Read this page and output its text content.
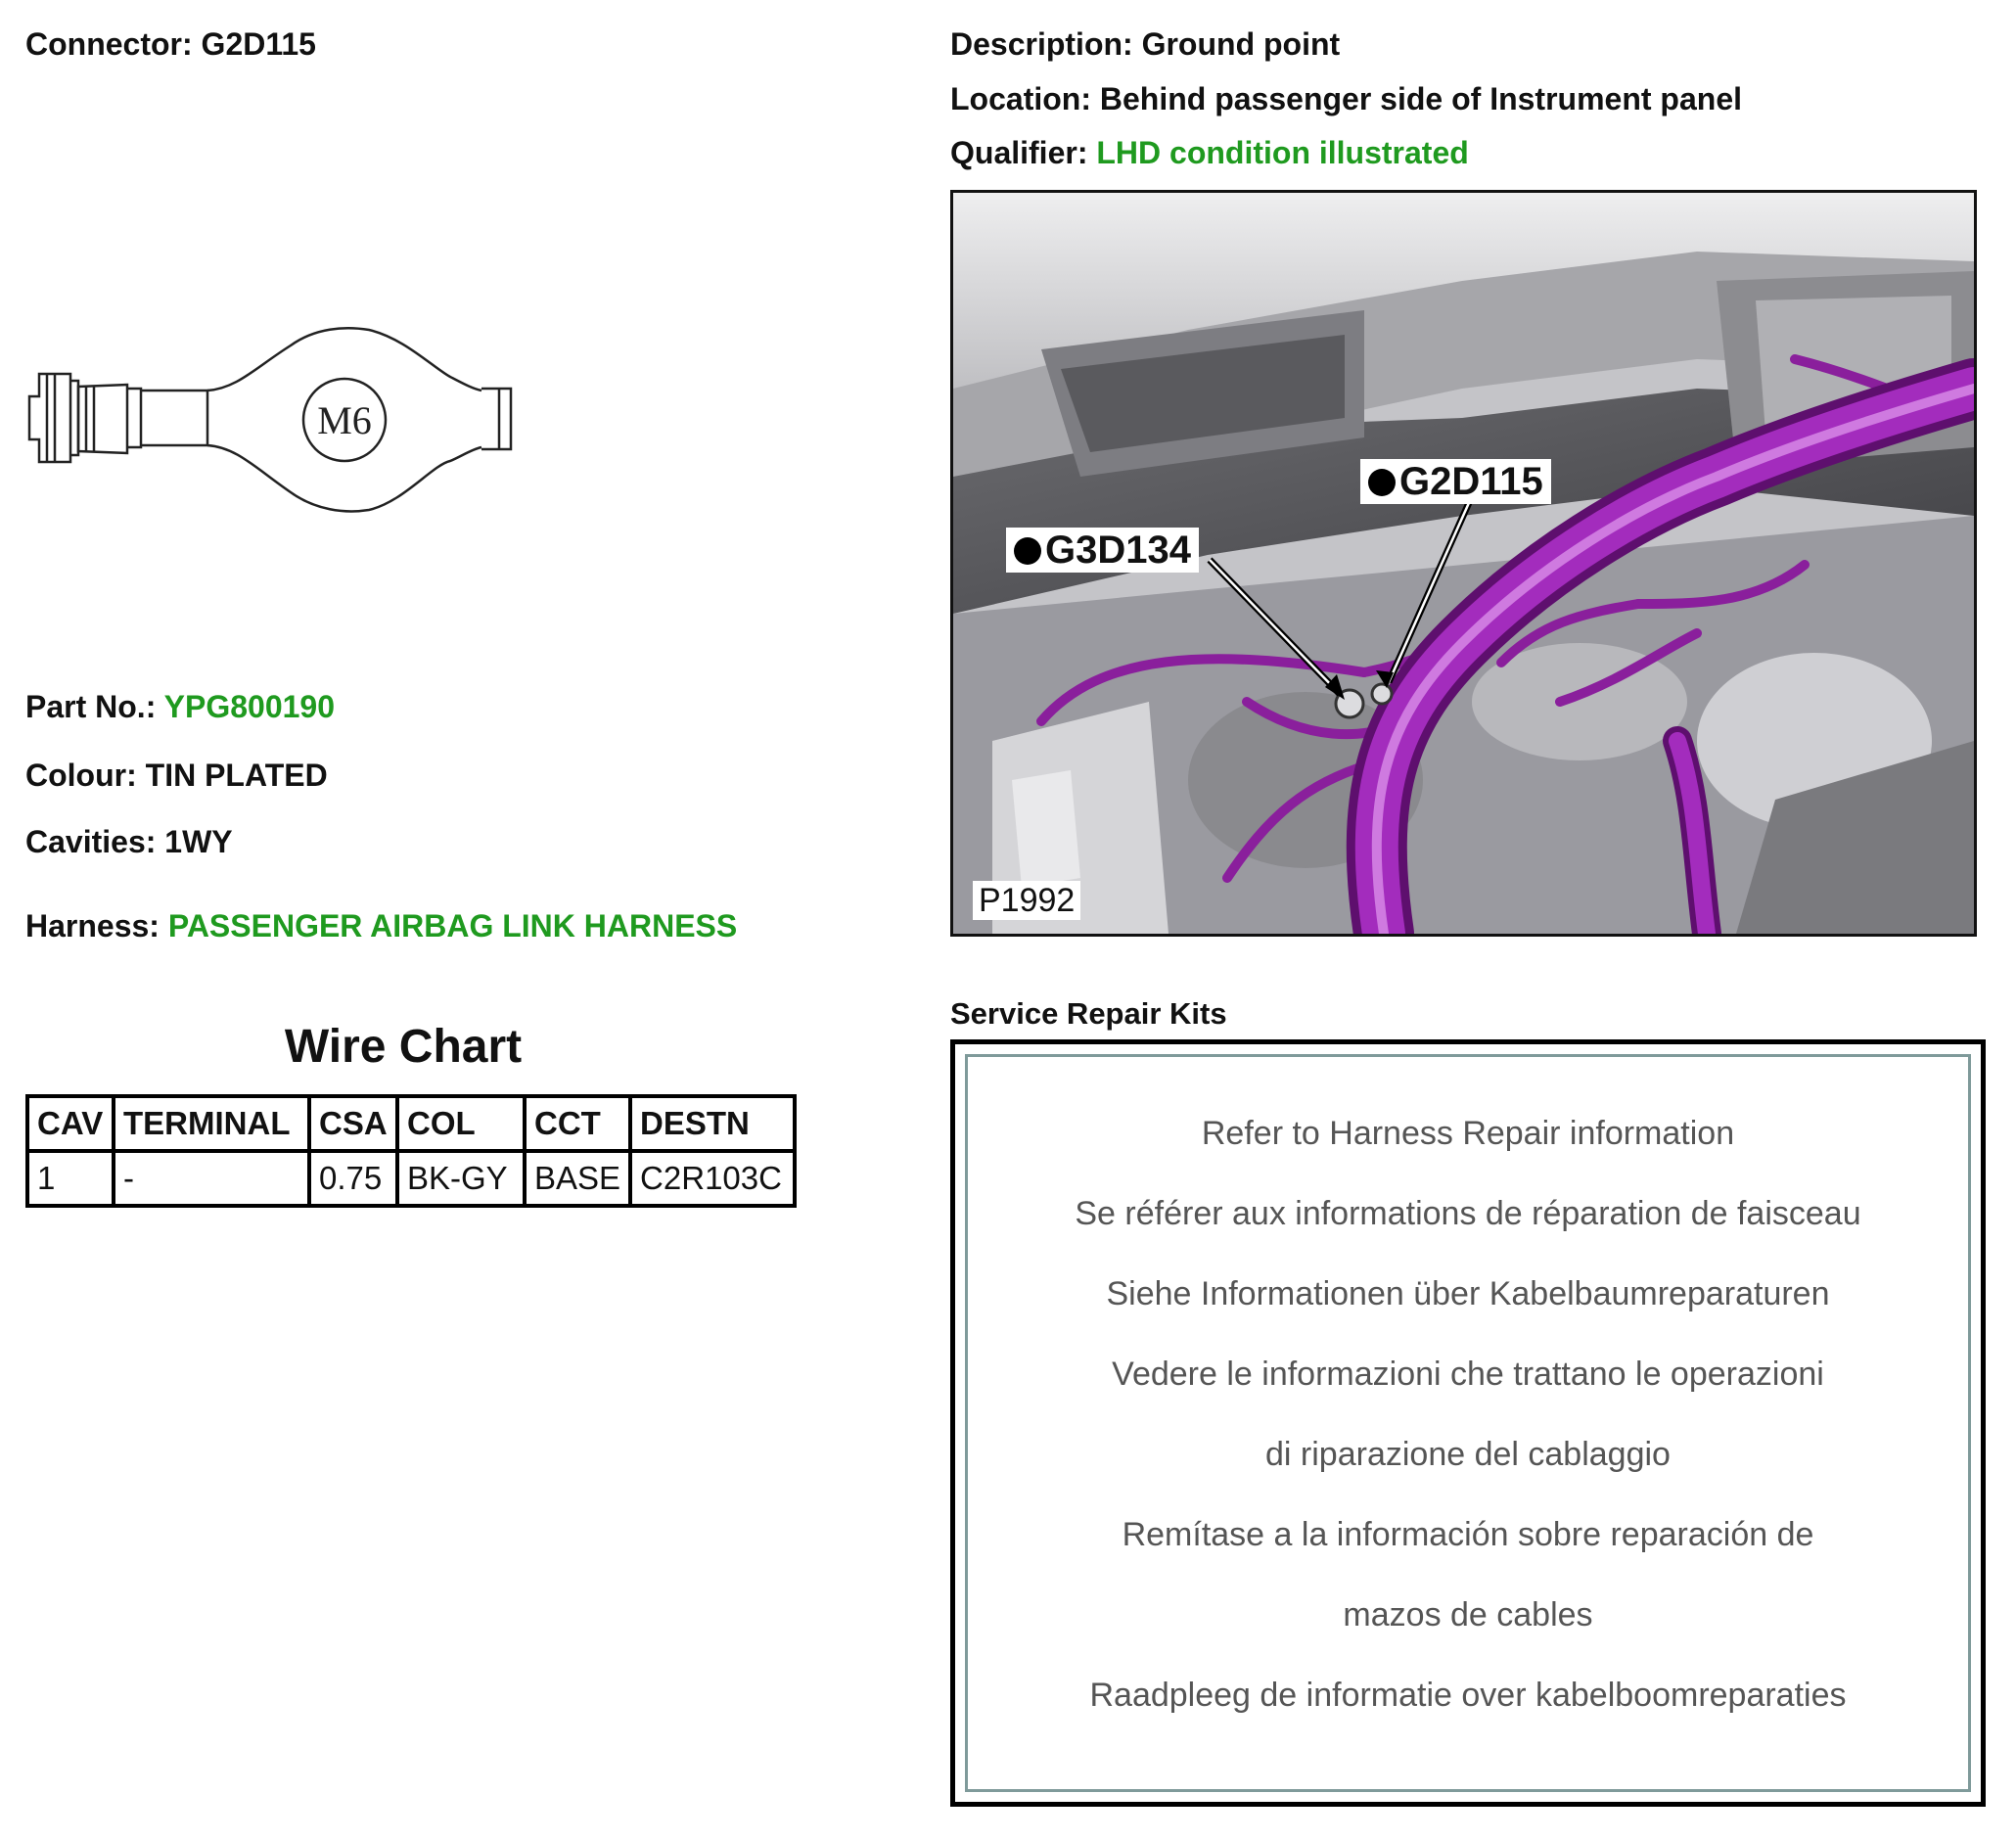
Connector: G2D115	Description: Ground point
Location: Behind passenger side of Instrument panel
Qualifier: LHD condition illustrated
M6
Part No.: YPG800190
Colour: TIN PLATED
Cavities: 1WY
Harness: PASSENGER AIRBAG LINK HARNESS
Wire Chart
CAV	TERMINAL	CSA	COL	CCT	DESTN
1	-	0.75	BK-GY	BASE	C2R103C
G2D115
G3D134
P1992
Service Repair Kits
Refer to Harness Repair information
Se référer aux informations de réparation de faisceau
Siehe Informationen über Kabelbaumreparaturen
Vedere le informazioni che trattano le operazioni
di riparazione del cablaggio
Remítase a la información sobre reparación de
mazos de cables
Raadpleeg de informatie over kabelboomreparaties
